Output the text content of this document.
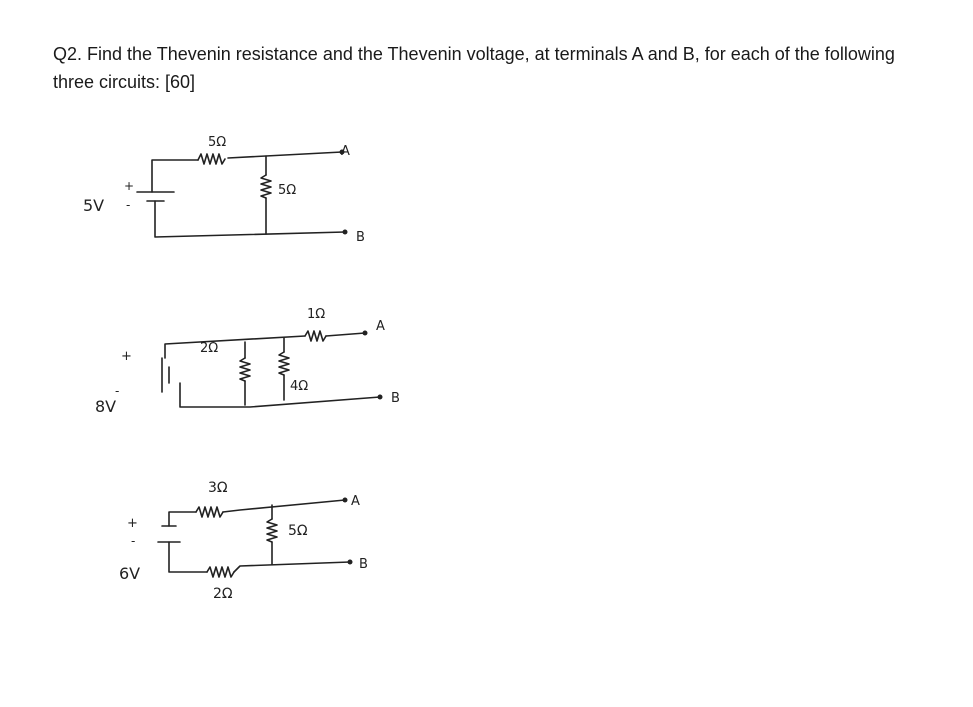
Q2. Find the Thevenin resistance and the Thevenin voltage, at terminals A and B, for each of the following three circuits: [60]
5V
+
-
5Ω
5Ω
A
B
8V
+
-
2Ω
4Ω
1Ω
A
B
6V
+
-
3Ω
5Ω
2Ω
A
B
